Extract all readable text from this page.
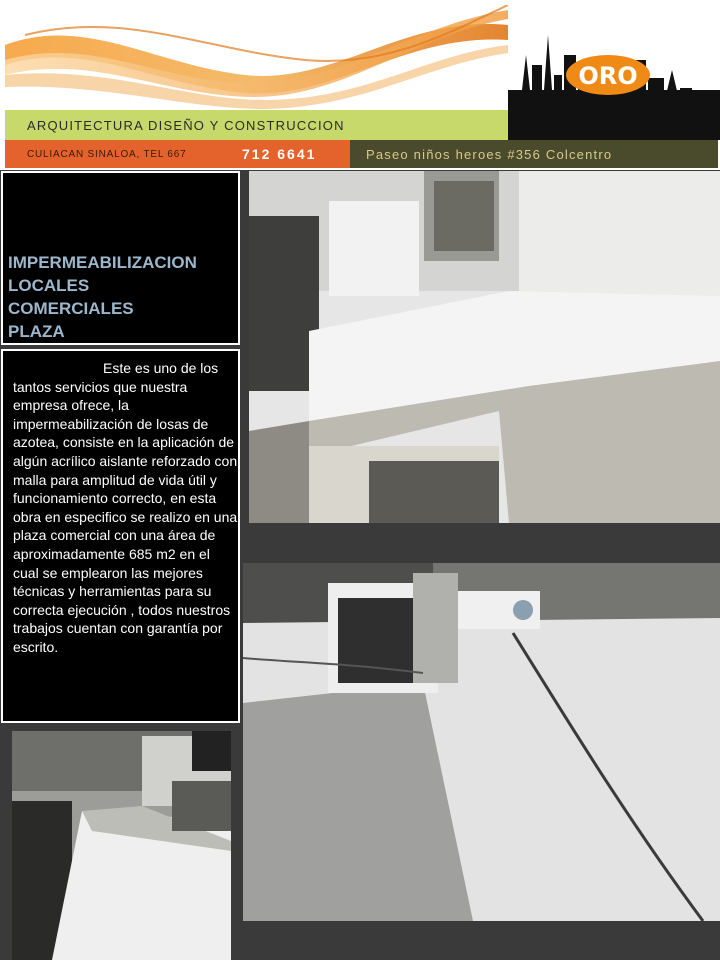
ORO
ARQUITECTURA DISEÑO Y CONSTRUCCION
CULIACAN SINALOA, TEL 667	712 6641	Paseo niños heroes #356 Colcentro
IMPERMEABILIZACION
LOCALES
COMERCIALES
PLAZA
Este es uno de los tantos servicios que nuestra empresa ofrece, la impermeabilización de losas de azotea, consiste en la aplicación de algún acrílico aislante reforzado con malla para amplitud de vida útil y funcionamiento correcto, en esta obra en especifico se realizo en una plaza comercial con una área de aproximadamente 685 m2 en el cual se emplearon las mejores técnicas y herramientas para su correcta ejecución , todos nuestros trabajos cuentan con garantía por escrito.
